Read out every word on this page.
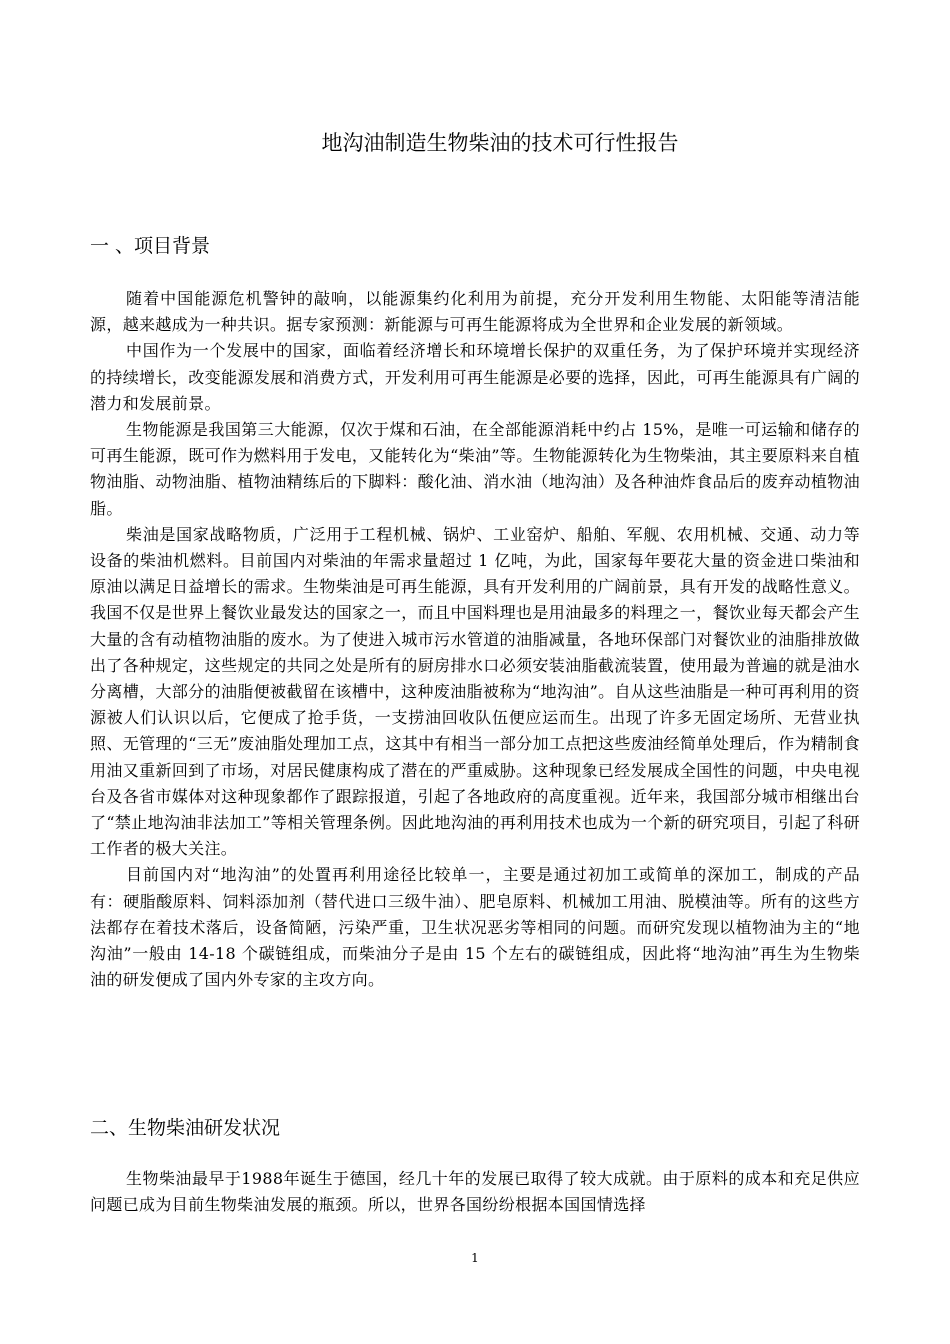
地沟油制造生物柴油的技术可行性报告
一 、项目背景

随着中国能源危机警钟的敲响，以能源集约化利用为前提，充分开发利用生物能、太阳能等清洁能源，越来越成为一种共识。据专家预测：新能源与可再生能源将成为全世界和企业发展的新领域。

中国作为一个发展中的国家，面临着经济增长和环境增长保护的双重任务，为了保护环境并实现经济的持续增长，改变能源发展和消费方式，开发利用可再生能源是必要的选择，因此，可再生能源具有广阔的潜力和发展前景。

生物能源是我国第三大能源，仅次于煤和石油，在全部能源消耗中约占 15%，是唯一可运输和储存的可再生能源，既可作为燃料用于发电，又能转化为“柴油”等。生物能源转化为生物柴油，其主要原料来自植物油脂、动物油脂、植物油精练后的下脚料：酸化油、消水油（地沟油）及各种油炸食品后的废弃动植物油脂。

柴油是国家战略物质，广泛用于工程机械、锅炉、工业窑炉、船舶、军舰、农用机械、交通、动力等设备的柴油机燃料。目前国内对柴油的年需求量超过 1 亿吨，为此，国家每年要花大量的资金进口柴油和原油以满足日益增长的需求。生物柴油是可再生能源，具有开发利用的广阔前景，具有开发的战略性意义。我国不仅是世界上餐饮业最发达的国家之一，而且中国料理也是用油最多的料理之一，餐饮业每天都会产生大量的含有动植物油脂的废水。为了使进入城市污水管道的油脂减量，各地环保部门对餐饮业的油脂排放做出了各种规定，这些规定的共同之处是所有的厨房排水口必须安装油脂截流装置，使用最为普遍的就是油水分离槽，大部分的油脂便被截留在该槽中，这种废油脂被称为“地沟油”。自从这些油脂是一种可再利用的资源被人们认识以后，它便成了抢手货，一支捞油回收队伍便应运而生。出现了许多无固定场所、无营业执照、无管理的“三无”废油脂处理加工点，这其中有相当一部分加工点把这些废油经简单处理后，作为精制食用油又重新回到了市场，对居民健康构成了潜在的严重威胁。这种现象已经发展成全国性的问题，中央电视台及各省市媒体对这种现象都作了跟踪报道，引起了各地政府的高度重视。近年来，我国部分城市相继出台了“禁止地沟油非法加工”等相关管理条例。因此地沟油的再利用技术也成为一个新的研究项目，引起了科研工作者的极大关注。

目前国内对“地沟油”的处置再利用途径比较单一，主要是通过初加工或简单的深加工，制成的产品有：硬脂酸原料、饲料添加剂（替代进口三级牛油）、肥皂原料、机械加工用油、脱模油等。所有的这些方法都存在着技术落后，设备简陋，污染严重，卫生状况恶劣等相同的问题。而研究发现以植物油为主的“地沟油”一般由 14-18 个碳链组成，而柴油分子是由 15 个左右的碳链组成，因此将“地沟油”再生为生物柴油的研发便成了国内外专家的主攻方向。

二、生物柴油研发状况

生物柴油最早于1988年诞生于德国，经几十年的发展已取得了较大成就。由于原料的成本和充足供应问题已成为目前生物柴油发展的瓶颈。所以，世界各国纷纷根据本国国情选择

1
